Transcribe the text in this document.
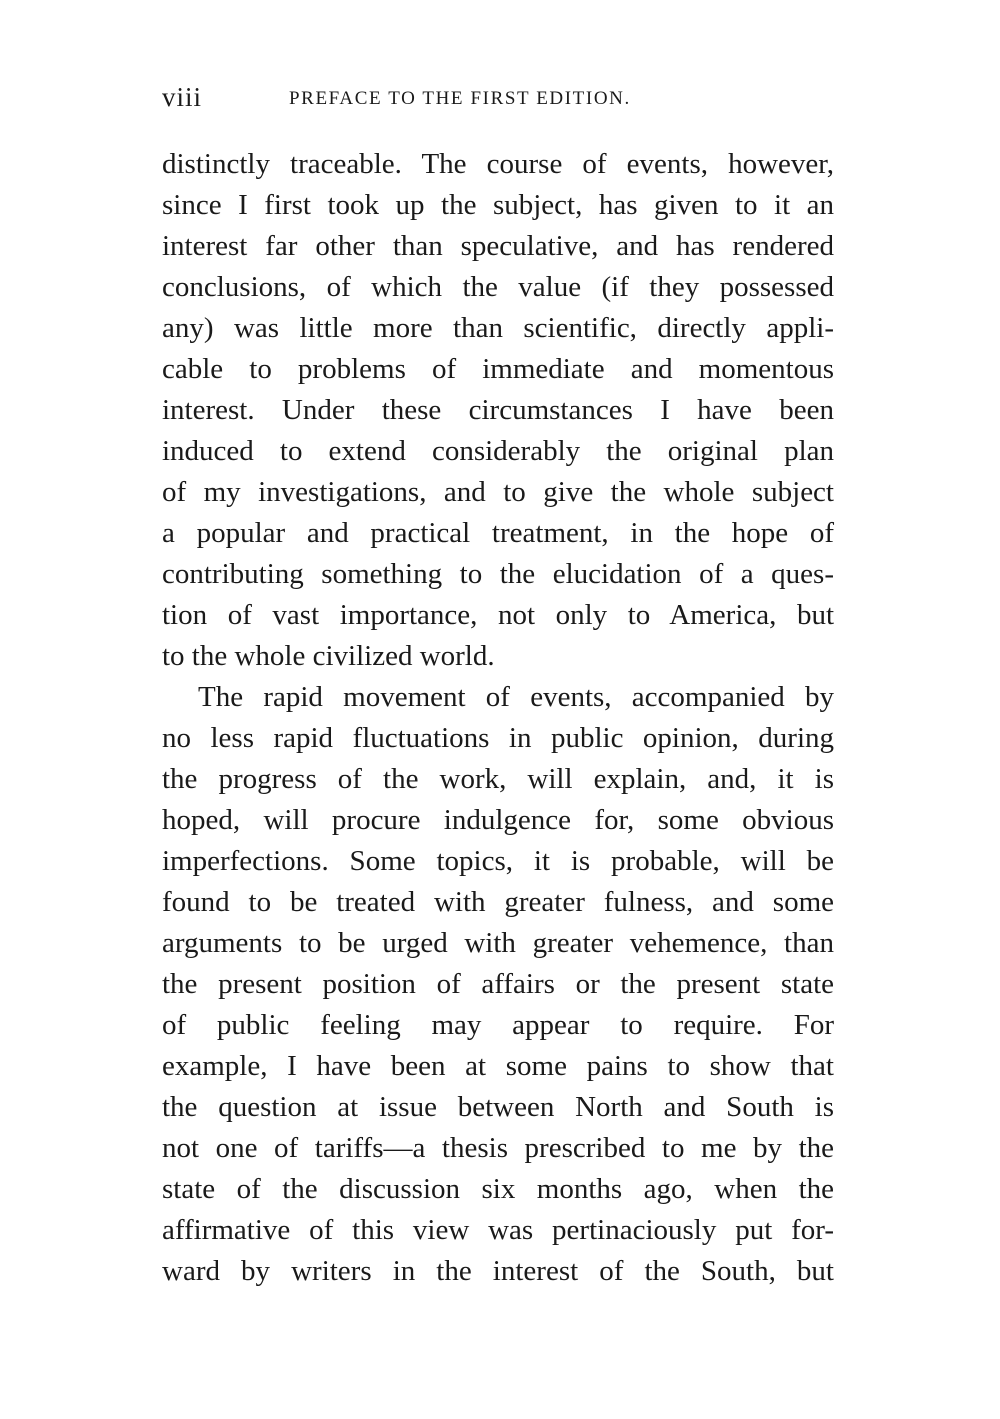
viii	PREFACE TO THE FIRST EDITION.
distinctly traceable. The course of events, however,
since I first took up the subject, has given to it an
interest far other than speculative, and has rendered
conclusions, of which the value (if they possessed
any) was little more than scientific, directly appli-
cable to problems of immediate and momentous
interest. Under these circumstances I have been
induced to extend considerably the original plan
of my investigations, and to give the whole subject
a popular and practical treatment, in the hope of
contributing something to the elucidation of a ques-
tion of vast importance, not only to America, but
to the whole civilized world.
The rapid movement of events, accompanied by
no less rapid fluctuations in public opinion, during
the progress of the work, will explain, and, it is
hoped, will procure indulgence for, some obvious
imperfections. Some topics, it is probable, will be
found to be treated with greater fulness, and some
arguments to be urged with greater vehemence, than
the present position of affairs or the present state
of public feeling may appear to require. For
example, I have been at some pains to show that
the question at issue between North and South is
not one of tariffs—a thesis prescribed to me by the
state of the discussion six months ago, when the
affirmative of this view was pertinaciously put for-
ward by writers in the interest of the South, but
